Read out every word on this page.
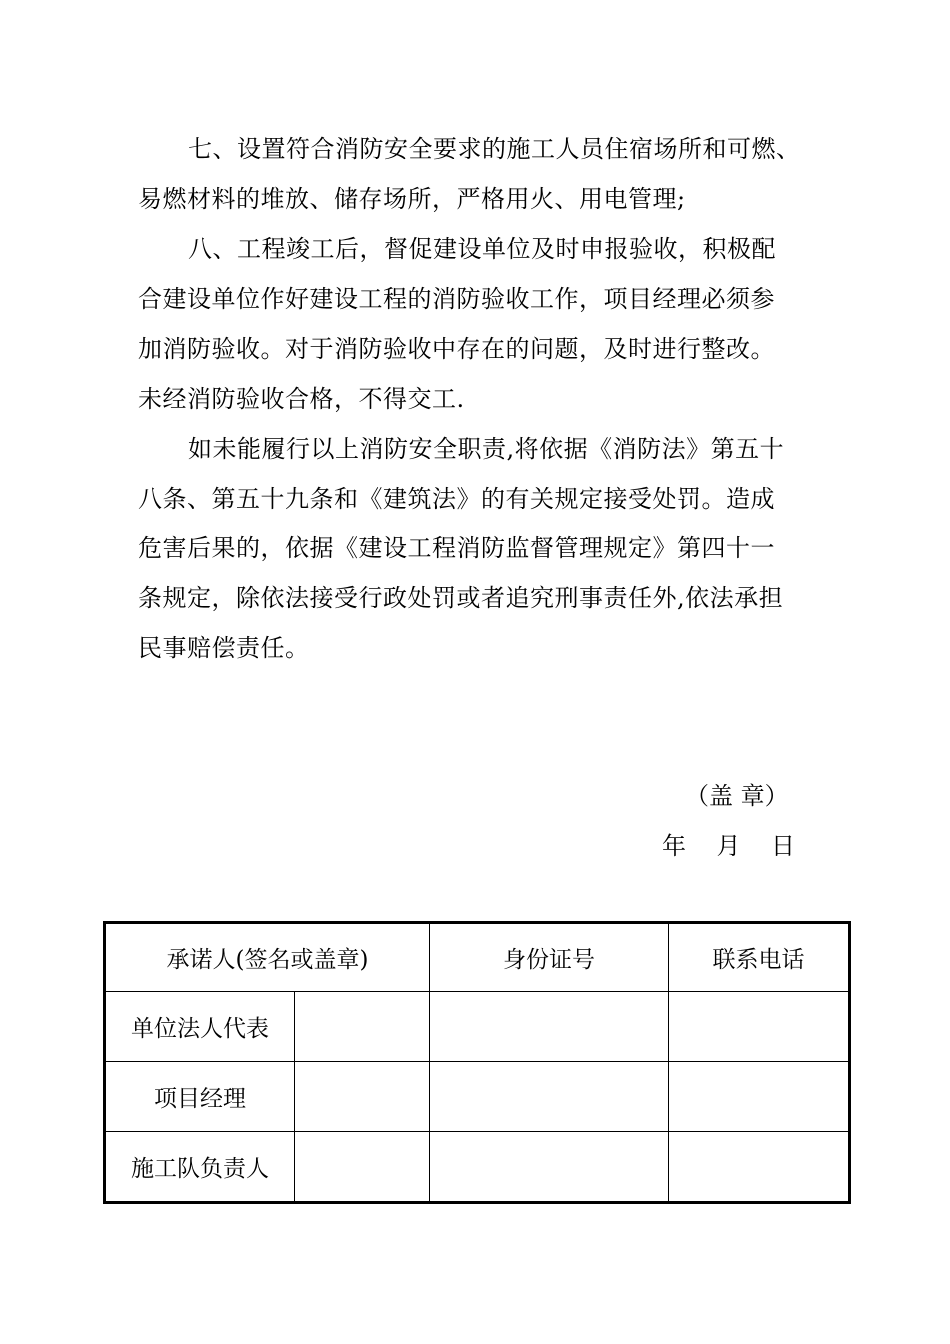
七、设置符合消防安全要求的施工人员住宿场所和可燃、
易燃材料的堆放、储存场所，严格用火、用电管理;
八、工程竣工后，督促建设单位及时申报验收，积极配
合建设单位作好建设工程的消防验收工作，项目经理必须参
加消防验收。对于消防验收中存在的问题，及时进行整改。
未经消防验收合格，不得交工.
如未能履行以上消防安全职责,将依据《消防法》第五十
八条、第五十九条和《建筑法》的有关规定接受处罚。造成
危害后果的，依据《建设工程消防监督管理规定》第四十一
条规定，除依法接受行政处罚或者追究刑事责任外,依法承担
民事赔偿责任。
（盖 章）
年    月    日
承诺人(签名或盖章)		身份证号	联系电话
单位法人代表			
项目经理			
施工队负责人			
